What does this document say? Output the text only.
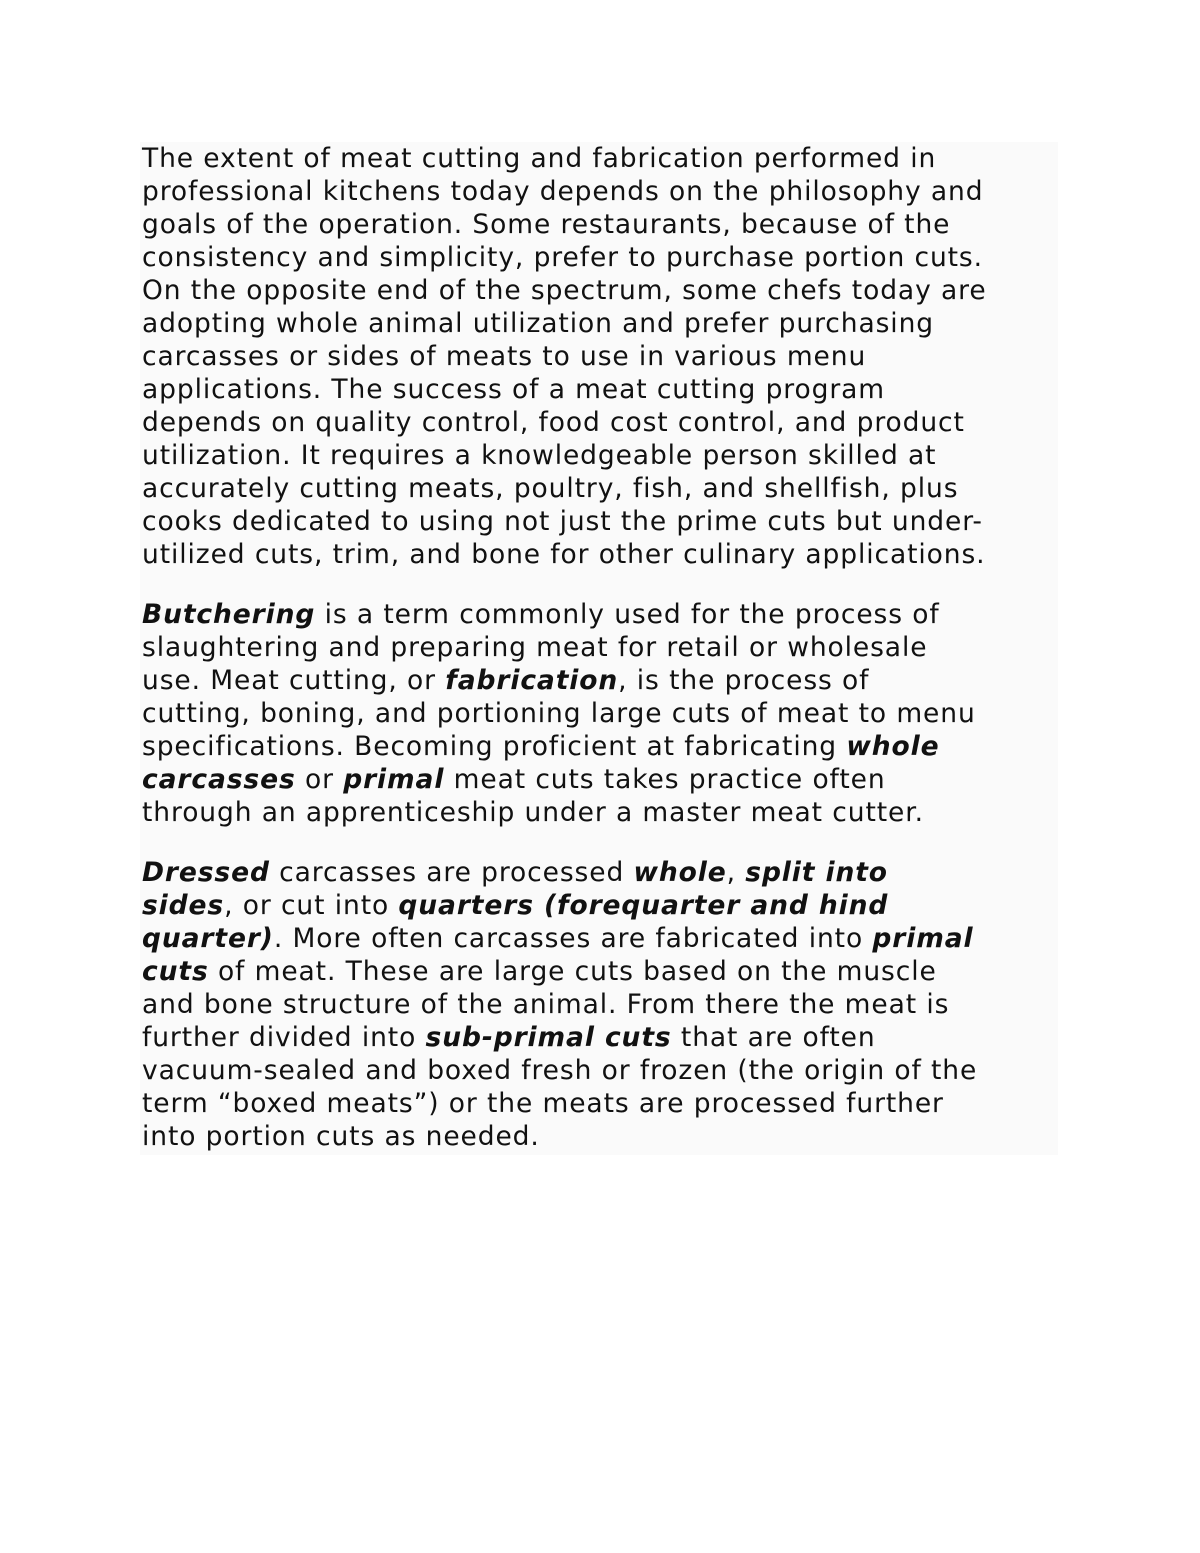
The extent of meat cutting and fabrication performed in
professional kitchens today depends on the philosophy and
goals of the operation. Some restaurants, because of the
consistency and simplicity, prefer to purchase portion cuts.
On the opposite end of the spectrum, some chefs today are
adopting whole animal utilization and prefer purchasing
carcasses or sides of meats to use in various menu
applications. The success of a meat cutting program
depends on quality control, food cost control, and product
utilization. It requires a knowledgeable person skilled at
accurately cutting meats, poultry, fish, and shellfish, plus
cooks dedicated to using not just the prime cuts but under-
utilized cuts, trim, and bone for other culinary applications.

Butchering is a term commonly used for the process of
slaughtering and preparing meat for retail or wholesale
use. Meat cutting, or fabrication, is the process of
cutting, boning, and portioning large cuts of meat to menu
specifications. Becoming proficient at fabricating whole
carcasses or primal meat cuts takes practice often
through an apprenticeship under a master meat cutter.

Dressed carcasses are processed whole, split into
sides, or cut into quarters (forequarter and hind
quarter). More often carcasses are fabricated into primal
cuts of meat. These are large cuts based on the muscle
and bone structure of the animal. From there the meat is
further divided into sub-primal cuts that are often
vacuum-sealed and boxed fresh or frozen (the origin of the
term “boxed meats”) or the meats are processed further
into portion cuts as needed.
